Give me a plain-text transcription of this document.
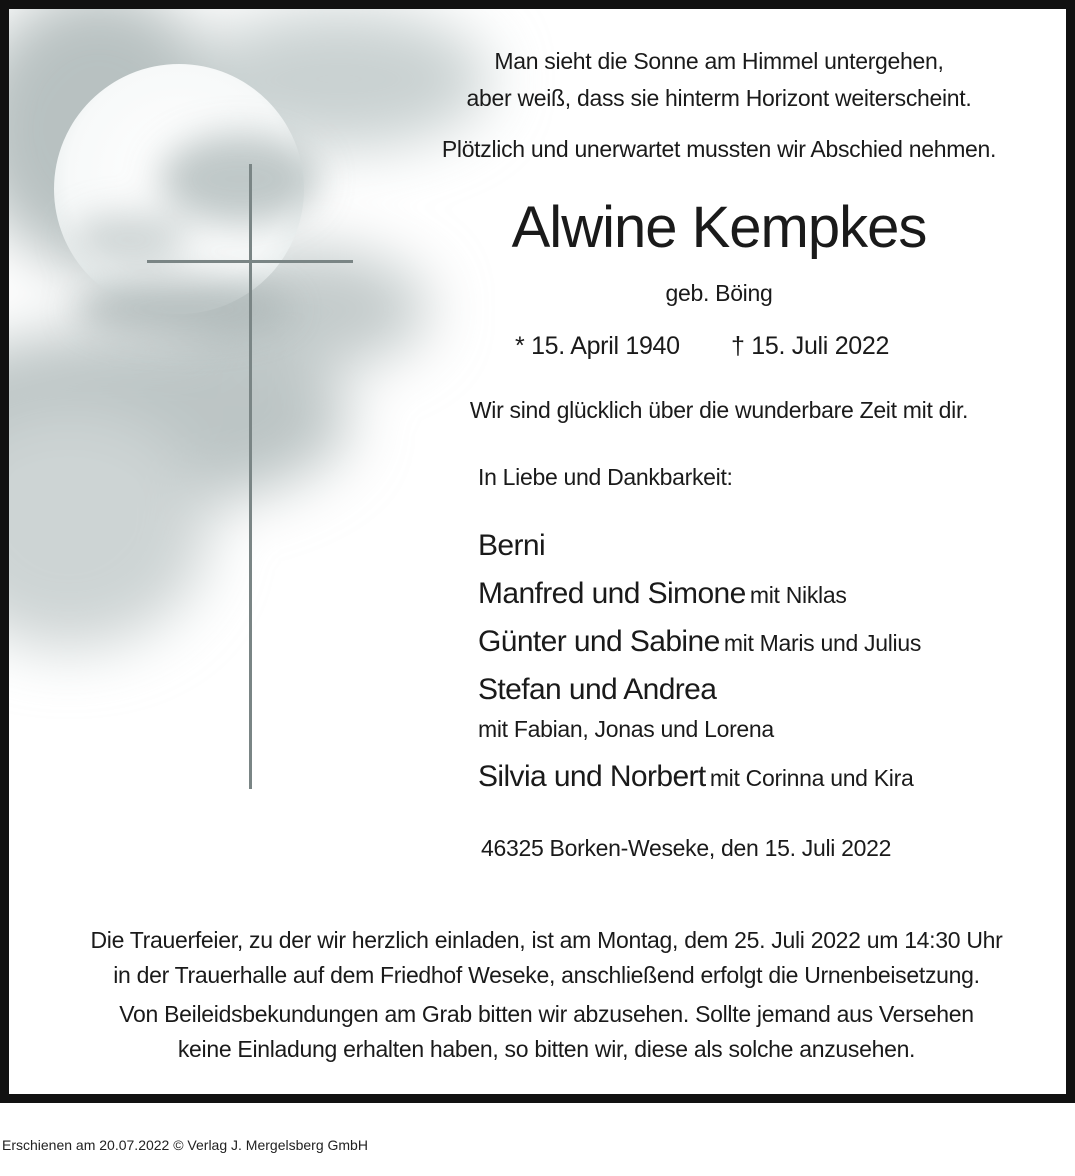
Man sieht die Sonne am Himmel untergehen,
aber weiß, dass sie hinterm Horizont weiterscheint.
Plötzlich und unerwartet mussten wir Abschied nehmen.
Alwine Kempkes
geb. Böing
* 15. April 1940 † 15. Juli 2022
Wir sind glücklich über die wunderbare Zeit mit dir.
In Liebe und Dankbarkeit:
Berni
Manfred und Simone mit Niklas
Günter und Sabine mit Maris und Julius
Stefan und Andrea
mit Fabian, Jonas und Lorena
Silvia und Norbert mit Corinna und Kira
46325 Borken-Weseke, den 15. Juli 2022
Die Trauerfeier, zu der wir herzlich einladen, ist am Montag, dem 25. Juli 2022 um 14:30 Uhr
in der Trauerhalle auf dem Friedhof Weseke, anschließend erfolgt die Urnenbeisetzung.
Von Beileidsbekundungen am Grab bitten wir abzusehen. Sollte jemand aus Versehen
keine Einladung erhalten haben, so bitten wir, diese als solche anzusehen.
Erschienen am 20.07.2022 © Verlag J. Mergelsberg GmbH
